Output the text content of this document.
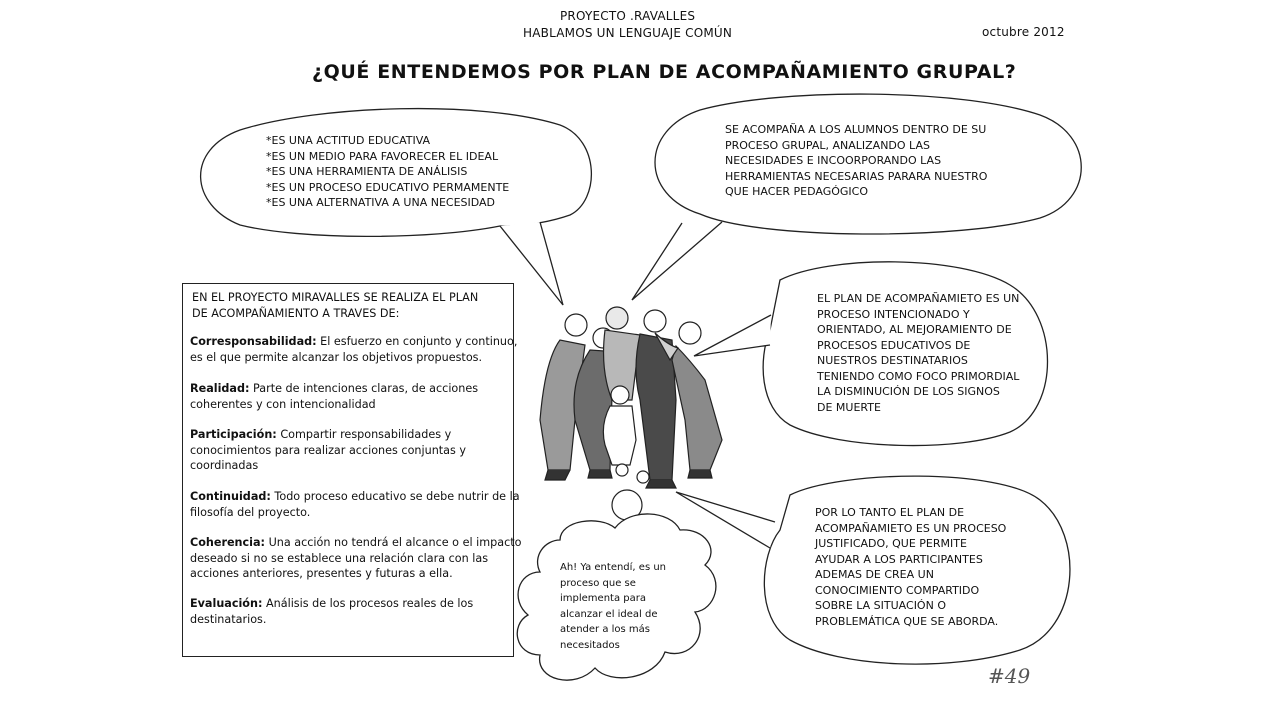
PROYECTO .RAVALLES
HABLAMOS UN LENGUAJE COMÚN	octubre 2012
¿QUÉ ENTENDEMOS POR PLAN DE ACOMPAÑAMIENTO GRUPAL?
*ES UNA ACTITUD EDUCATIVA
*ES UN MEDIO PARA FAVORECER EL IDEAL
*ES UNA HERRAMIENTA DE ANÁLISIS
*ES UN PROCESO EDUCATIVO PERMAMENTE
*ES UNA ALTERNATIVA A UNA NECESIDAD
SE ACOMPAÑA A LOS ALUMNOS DENTRO DE SU
PROCESO GRUPAL, ANALIZANDO LAS
NECESIDADES E INCOORPORANDO LAS
HERRAMIENTAS NECESARIAS PARARA NUESTRO
QUE HACER PEDAGÓGICO
EL PLAN DE ACOMPAÑAMIETO ES UN
PROCESO INTENCIONADO Y
ORIENTADO, AL MEJORAMIENTO DE
PROCESOS EDUCATIVOS DE
NUESTROS DESTINATARIOS
TENIENDO COMO FOCO PRIMORDIAL
LA DISMINUCIÓN DE LOS SIGNOS
DE MUERTE
POR LO TANTO EL PLAN DE
ACOMPAÑAMIETO ES UN PROCESO
JUSTIFICADO, QUE PERMITE
AYUDAR A LOS PARTICIPANTES
ADEMAS DE CREA UN
CONOCIMIENTO COMPARTIDO
SOBRE LA SITUACIÓN O
PROBLEMÁTICA QUE SE ABORDA.
EN EL PROYECTO MIRAVALLES SE REALIZA EL PLAN
DE ACOMPAÑAMIENTO A TRAVES DE:
Corresponsabilidad: El esfuerzo en conjunto y continuo,
es el que permite alcanzar los objetivos propuestos.
Realidad: Parte de intenciones claras, de acciones
coherentes y con intencionalidad
Participación: Compartir responsabilidades y
conocimientos para realizar acciones conjuntas y
coordinadas
Continuidad: Todo proceso educativo se debe nutrir de la
filosofía del proyecto.
Coherencia: Una acción no tendrá el alcance o el impacto
deseado si no se establece una relación clara con las
acciones anteriores, presentes y futuras a ella.
Evaluación: Análisis de los procesos reales de los
destinatarios.
Ah! Ya entendí, es un
proceso que se
implementa para
alcanzar el ideal de
atender a los más
necesitados
#49
